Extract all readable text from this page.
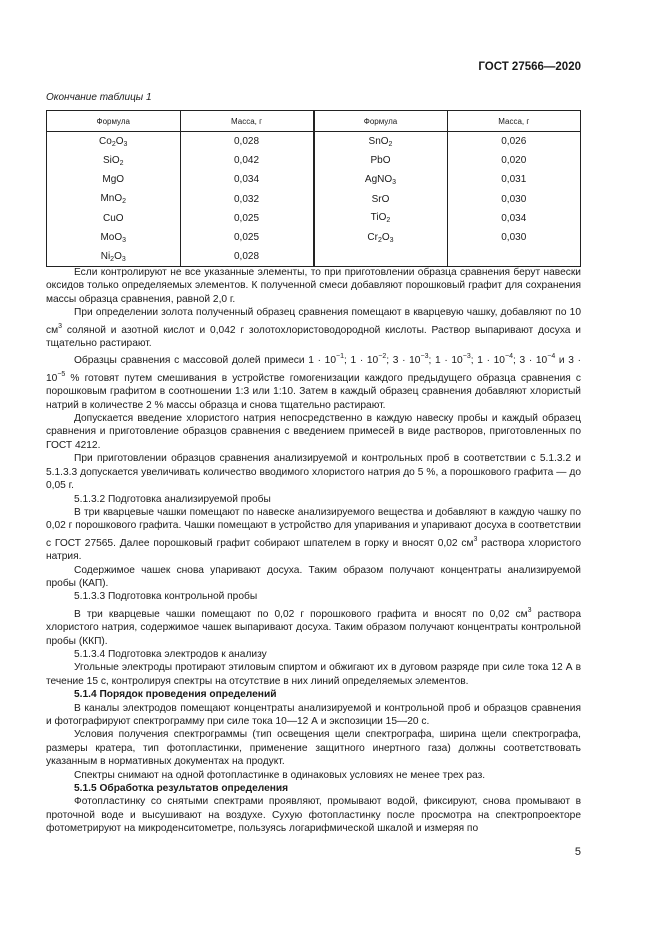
ГОСТ 27566—2020
Окончание таблицы 1
Формула	Масса, г	Формула	Масса, г
$Co_2O_3$	0,028	SnO$_2$	0,026
SiO$_2$	0,042	PbO	0,020
MgO	0,034	AgNO$_3$	0,031
MnO$_2$	0,032	SrO	0,030
CuO	0,025	TiO$_2$	0,034
MoO$_3$	0,025	$Cr_2O_3$	0,030
$Ni_2O_3$	0,028		

Если контролируют не все указанные элементы, то при приготовлении образца сравнения берут навески оксидов только определяемых элементов. К полученной смеси добавляют порошковый графит для сохранения массы образца сравнения, равной 2,0 г.

При определении золота полученный образец сравнения помещают в кварцевую чашку, добавляют по 10 $см^3$ соляной и азотной кислот и 0,042 г золотохлористоводородной кислоты. Раствор выпаривают досуха и тщательно растирают.

Образцы сравнения с массовой долей примеси $1 \cdot 10^{-1}$; $1 \cdot 10^{-2}$; $3 \cdot 10^{-3}$; $1 \cdot 10^{-3}$; $1 \cdot 10^{-4}$; $3 \cdot 10^{-4}$ и $3 \cdot 10^{-5}$ % готовят путем смешивания в устройстве гомогенизации каждого предыдущего образца сравнения с порошковым графитом в соотношении 1:3 или 1:10. Затем в каждый образец сравнения добавляют хлористый натрий в количестве 2 % массы образца и снова тщательно растирают.

Допускается введение хлористого натрия непосредственно в каждую навеску пробы и каждый образец сравнения и приготовление образцов сравнения с введением примесей в виде растворов, приготовленных по ГОСТ 4212.

При приготовлении образцов сравнения анализируемой и контрольных проб в соответствии с 5.1.3.2 и 5.1.3.3 допускается увеличивать количество вводимого хлористого натрия до 5 %, а порошкового графита — до 0,05 г.

5.1.3.2 Подготовка анализируемой пробы

В три кварцевые чашки помещают по навеске анализируемого вещества и добавляют в каждую чашку по 0,02 г порошкового графита. Чашки помещают в устройство для упаривания и упаривают досуха в соответствии с ГОСТ 27565. Далее порошковый графит собирают шпателем в горку и вносят 0,02 $см^3$ раствора хлористого натрия.

Содержимое чашек снова упаривают досуха. Таким образом получают концентраты анализируемой пробы (КАП).

5.1.3.3 Подготовка контрольной пробы

В три кварцевые чашки помещают по 0,02 г порошкового графита и вносят по 0,02 $см^3$ раствора хлористого натрия, содержимое чашек выпаривают досуха. Таким образом получают концентраты контрольной пробы (ККП).

5.1.3.4 Подготовка электродов к анализу

Угольные электроды протирают этиловым спиртом и обжигают их в дуговом разряде при силе тока 12 А в течение 15 с, контролируя спектры на отсутствие в них линий определяемых элементов.

5.1.4 Порядок проведения определений

В каналы электродов помещают концентраты анализируемой и контрольной проб и образцов сравнения и фотографируют спектрограмму при силе тока 10—12 А и экспозиции 15—20 с.

Условия получения спектрограммы (тип освещения щели спектрографа, ширина щели спектрографа, размеры кратера, тип фотопластинки, применение защитного инертного газа) должны соответствовать указанным в нормативных документах на продукт.

Спектры снимают на одной фотопластинке в одинаковых условиях не менее трех раз.

5.1.5 Обработка результатов определения

Фотопластинку со снятыми спектрами проявляют, промывают водой, фиксируют, снова промывают в проточной воде и высушивают на воздухе. Сухую фотопластинку после просмотра на спектропроекторе фотометрируют на микроденситометре, пользуясь логарифмической шкалой и измеряя по

5
